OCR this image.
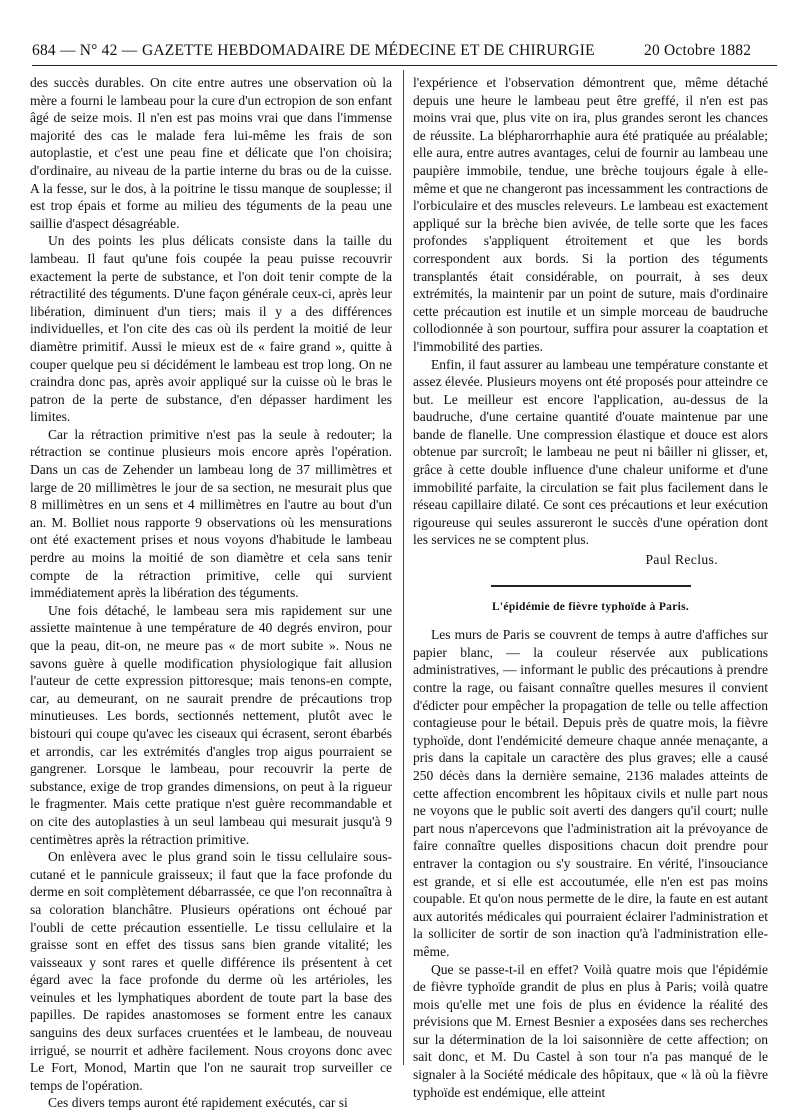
684 — N° 42 — GAZETTE HEBDOMADAIRE DE MÉDECINE ET DE CHIRURGIE	20 Octobre 1882

des succès durables. On cite entre autres une observation où la mère a fourni le lambeau pour la cure d'un ectropion de son enfant âgé de seize mois. Il n'en est pas moins vrai que dans l'immense majorité des cas le malade fera lui-même les frais de son autoplastie, et c'est une peau fine et délicate que l'on choisira; d'ordinaire, au niveau de la partie interne du bras ou de la cuisse. A la fesse, sur le dos, à la poitrine le tissu manque de souplesse; il est trop épais et forme au milieu des téguments de la peau une saillie d'aspect désagréable.

Un des points les plus délicats consiste dans la taille du lambeau. Il faut qu'une fois coupée la peau puisse recouvrir exactement la perte de substance, et l'on doit tenir compte de la rétractilité des téguments. D'une façon générale ceux-ci, après leur libération, diminuent d'un tiers; mais il y a des différences individuelles, et l'on cite des cas où ils perdent la moitié de leur diamètre primitif. Aussi le mieux est de « faire grand », quitte à couper quelque peu si décidément le lambeau est trop long. On ne craindra donc pas, après avoir appliqué sur la cuisse où le bras le patron de la perte de substance, d'en dépasser hardiment les limites.

Car la rétraction primitive n'est pas la seule à redouter; la rétraction se continue plusieurs mois encore après l'opération. Dans un cas de Zehender un lambeau long de 37 millimètres et large de 20 millimètres le jour de sa section, ne mesurait plus que 8 millimètres en un sens et 4 millimètres en l'autre au bout d'un an. M. Bolliet nous rapporte 9 observations où les mensurations ont été exactement prises et nous voyons d'habitude le lambeau perdre au moins la moitié de son diamètre et cela sans tenir compte de la rétraction primitive, celle qui survient immédiatement après la libération des téguments.

Une fois détaché, le lambeau sera mis rapidement sur une assiette maintenue à une température de 40 degrés environ, pour que la peau, dit-on, ne meure pas « de mort subite ». Nous ne savons guère à quelle modification physiologique fait allusion l'auteur de cette expression pittoresque; mais tenons-en compte, car, au demeurant, on ne saurait prendre de précautions trop minutieuses. Les bords, sectionnés nettement, plutôt avec le bistouri qui coupe qu'avec les ciseaux qui écrasent, seront ébarbés et arrondis, car les extrémités d'angles trop aigus pourraient se gangrener. Lorsque le lambeau, pour recouvrir la perte de substance, exige de trop grandes dimensions, on peut à la rigueur le fragmenter. Mais cette pratique n'est guère recommandable et on cite des autoplasties à un seul lambeau qui mesurait jusqu'à 9 centimètres après la rétraction primitive.

On enlèvera avec le plus grand soin le tissu cellulaire sous-cutané et le pannicule graisseux; il faut que la face profonde du derme en soit complètement débarrassée, ce que l'on reconnaîtra à sa coloration blanchâtre. Plusieurs opérations ont échoué par l'oubli de cette précaution essentielle. Le tissu cellulaire et la graisse sont en effet des tissus sans bien grande vitalité; les vaisseaux y sont rares et quelle différence ils présentent à cet égard avec la face profonde du derme où les artérioles, les veinules et les lymphatiques abordent de toute part la base des papilles. De rapides anastomoses se forment entre les canaux sanguins des deux surfaces cruentées et le lambeau, de nouveau irrigué, se nourrit et adhère facilement. Nous croyons donc avec Le Fort, Monod, Martin que l'on ne saurait trop surveiller ce temps de l'opération.

Ces divers temps auront été rapidement exécutés, car si

l'expérience et l'observation démontrent que, même détaché depuis une heure le lambeau peut être greffé, il n'en est pas moins vrai que, plus vite on ira, plus grandes seront les chances de réussite. La blépharorrhaphie aura été pratiquée au préalable; elle aura, entre autres avantages, celui de fournir au lambeau une paupière immobile, tendue, une brèche toujours égale à elle-même et que ne changeront pas incessamment les contractions de l'orbiculaire et des muscles releveurs. Le lambeau est exactement appliqué sur la brèche bien avivée, de telle sorte que les faces profondes s'appliquent étroitement et que les bords correspondent aux bords. Si la portion des téguments transplantés était considérable, on pourrait, à ses deux extrémités, la maintenir par un point de suture, mais d'ordinaire cette précaution est inutile et un simple morceau de baudruche collodionnée à son pourtour, suffira pour assurer la coaptation et l'immobilité des parties.

Enfin, il faut assurer au lambeau une température constante et assez élevée. Plusieurs moyens ont été proposés pour atteindre ce but. Le meilleur est encore l'application, au-dessus de la baudruche, d'une certaine quantité d'ouate maintenue par une bande de flanelle. Une compression élastique et douce est alors obtenue par surcroît; le lambeau ne peut ni bâiller ni glisser, et, grâce à cette double influence d'une chaleur uniforme et d'une immobilité parfaite, la circulation se fait plus facilement dans le réseau capillaire dilaté. Ce sont ces précautions et leur exécution rigoureuse qui seules assureront le succès d'une opération dont les services ne se comptent plus.

Paul Reclus.
L'épidémie de fièvre typhoïde à Paris.

Les murs de Paris se couvrent de temps à autre d'affiches sur papier blanc, — la couleur réservée aux publications administratives, — informant le public des précautions à prendre contre la rage, ou faisant connaître quelles mesures il convient d'édicter pour empêcher la propagation de telle ou telle affection contagieuse pour le bétail. Depuis près de quatre mois, la fièvre typhoïde, dont l'endémicité demeure chaque année menaçante, a pris dans la capitale un caractère des plus graves; elle a causé 250 décès dans la dernière semaine, 2136 malades atteints de cette affection encombrent les hôpitaux civils et nulle part nous ne voyons que le public soit averti des dangers qu'il court; nulle part nous n'apercevons que l'administration ait la prévoyance de faire connaître quelles dispositions chacun doit prendre pour entraver la contagion ou s'y soustraire. En vérité, l'insouciance est grande, et si elle est accoutumée, elle n'en est pas moins coupable. Et qu'on nous permette de le dire, la faute en est autant aux autorités médicales qui pourraient éclairer l'administration et la solliciter de sortir de son inaction qu'à l'administration elle-même.

Que se passe-t-il en effet? Voilà quatre mois que l'épidémie de fièvre typhoïde grandit de plus en plus à Paris; voilà quatre mois qu'elle met une fois de plus en évidence la réalité des prévisions que M. Ernest Besnier a exposées dans ses recherches sur la détermination de la loi saisonnière de cette affection; on sait donc, et M. Du Castel à son tour n'a pas manqué de le signaler à la Société médicale des hôpitaux, que « là où la fièvre typhoïde est endémique, elle atteint
